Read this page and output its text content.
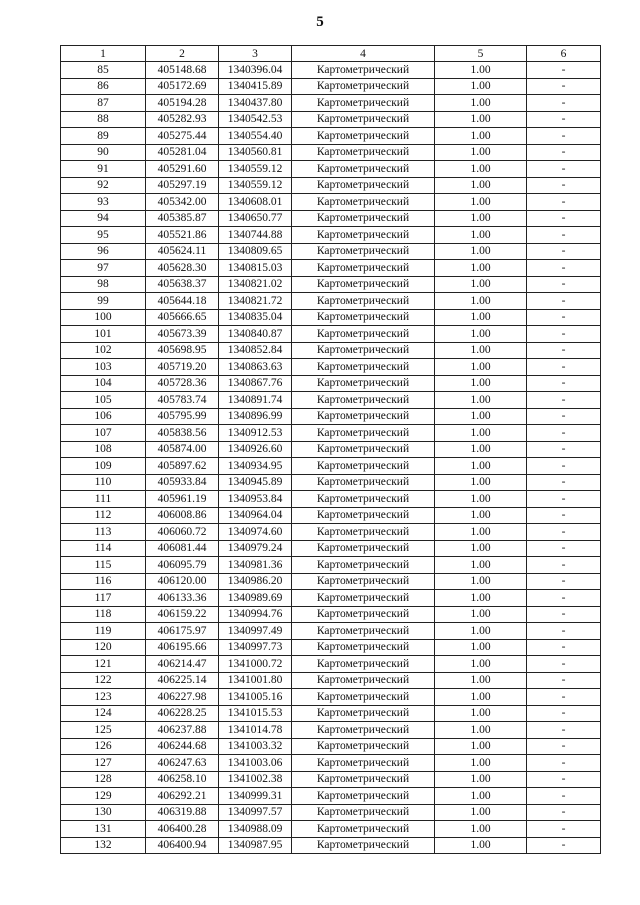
5
1	2	3	4	5	6
85	405148.68	1340396.04	Картометрический	1.00	-
86	405172.69	1340415.89	Картометрический	1.00	-
87	405194.28	1340437.80	Картометрический	1.00	-
88	405282.93	1340542.53	Картометрический	1.00	-
89	405275.44	1340554.40	Картометрический	1.00	-
90	405281.04	1340560.81	Картометрический	1.00	-
91	405291.60	1340559.12	Картометрический	1.00	-
92	405297.19	1340559.12	Картометрический	1.00	-
93	405342.00	1340608.01	Картометрический	1.00	-
94	405385.87	1340650.77	Картометрический	1.00	-
95	405521.86	1340744.88	Картометрический	1.00	-
96	405624.11	1340809.65	Картометрический	1.00	-
97	405628.30	1340815.03	Картометрический	1.00	-
98	405638.37	1340821.02	Картометрический	1.00	-
99	405644.18	1340821.72	Картометрический	1.00	-
100	405666.65	1340835.04	Картометрический	1.00	-
101	405673.39	1340840.87	Картометрический	1.00	-
102	405698.95	1340852.84	Картометрический	1.00	-
103	405719.20	1340863.63	Картометрический	1.00	-
104	405728.36	1340867.76	Картометрический	1.00	-
105	405783.74	1340891.74	Картометрический	1.00	-
106	405795.99	1340896.99	Картометрический	1.00	-
107	405838.56	1340912.53	Картометрический	1.00	-
108	405874.00	1340926.60	Картометрический	1.00	-
109	405897.62	1340934.95	Картометрический	1.00	-
110	405933.84	1340945.89	Картометрический	1.00	-
111	405961.19	1340953.84	Картометрический	1.00	-
112	406008.86	1340964.04	Картометрический	1.00	-
113	406060.72	1340974.60	Картометрический	1.00	-
114	406081.44	1340979.24	Картометрический	1.00	-
115	406095.79	1340981.36	Картометрический	1.00	-
116	406120.00	1340986.20	Картометрический	1.00	-
117	406133.36	1340989.69	Картометрический	1.00	-
118	406159.22	1340994.76	Картометрический	1.00	-
119	406175.97	1340997.49	Картометрический	1.00	-
120	406195.66	1340997.73	Картометрический	1.00	-
121	406214.47	1341000.72	Картометрический	1.00	-
122	406225.14	1341001.80	Картометрический	1.00	-
123	406227.98	1341005.16	Картометрический	1.00	-
124	406228.25	1341015.53	Картометрический	1.00	-
125	406237.88	1341014.78	Картометрический	1.00	-
126	406244.68	1341003.32	Картометрический	1.00	-
127	406247.63	1341003.06	Картометрический	1.00	-
128	406258.10	1341002.38	Картометрический	1.00	-
129	406292.21	1340999.31	Картометрический	1.00	-
130	406319.88	1340997.57	Картометрический	1.00	-
131	406400.28	1340988.09	Картометрический	1.00	-
132	406400.94	1340987.95	Картометрический	1.00	-
